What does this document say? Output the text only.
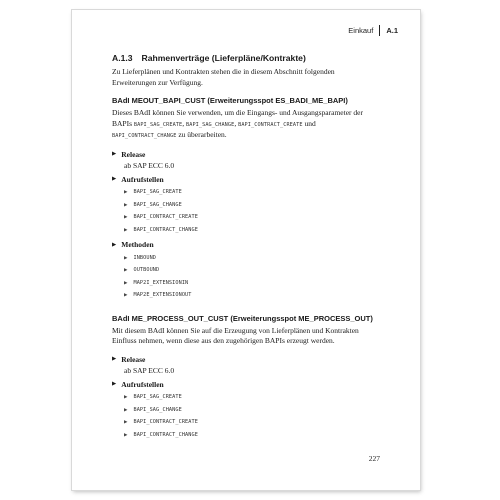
Einkauf A.1
A.1.3 Rahmenverträge (Lieferpläne/Kontrakte)

Zu Lieferplänen und Kontrakten stehen die in diesem Abschnitt folgenden Erweiterungen zur Verfügung.

BAdI MEOUT_BAPI_CUST (Erweiterungsspot ES_BADI_ME_BAPI)

Dieses BAdI können Sie verwenden, um die Eingangs- und Ausgangsparameter der BAPIs BAPI_SAG_CREATE, BAPI_SAG_CHANGE, BAPI_CONTRACT_CREATE und BAPI_CONTRACT_CHANGE zu überarbeiten.

▶ Release
ab SAP ECC 6.0
▶ Aufrufstellen
▶ BAPI_SAG_CREATE
▶ BAPI_SAG_CHANGE
▶ BAPI_CONTRACT_CREATE
▶ BAPI_CONTRACT_CHANGE
▶ Methoden
▶ INBOUND
▶ OUTBOUND
▶ MAP2I_EXTENSIONIN
▶ MAP2E_EXTENSIONOUT
BAdI ME_PROCESS_OUT_CUST (Erweiterungsspot ME_PROCESS_OUT)

Mit diesem BAdI können Sie auf die Erzeugung von Lieferplänen und Kontrakten Einfluss nehmen, wenn diese aus den zugehörigen BAPIs erzeugt werden.

▶ Release
ab SAP ECC 6.0
▶ Aufrufstellen
▶ BAPI_SAG_CREATE
▶ BAPI_SAG_CHANGE
▶ BAPI_CONTRACT_CREATE
▶ BAPI_CONTRACT_CHANGE
227
